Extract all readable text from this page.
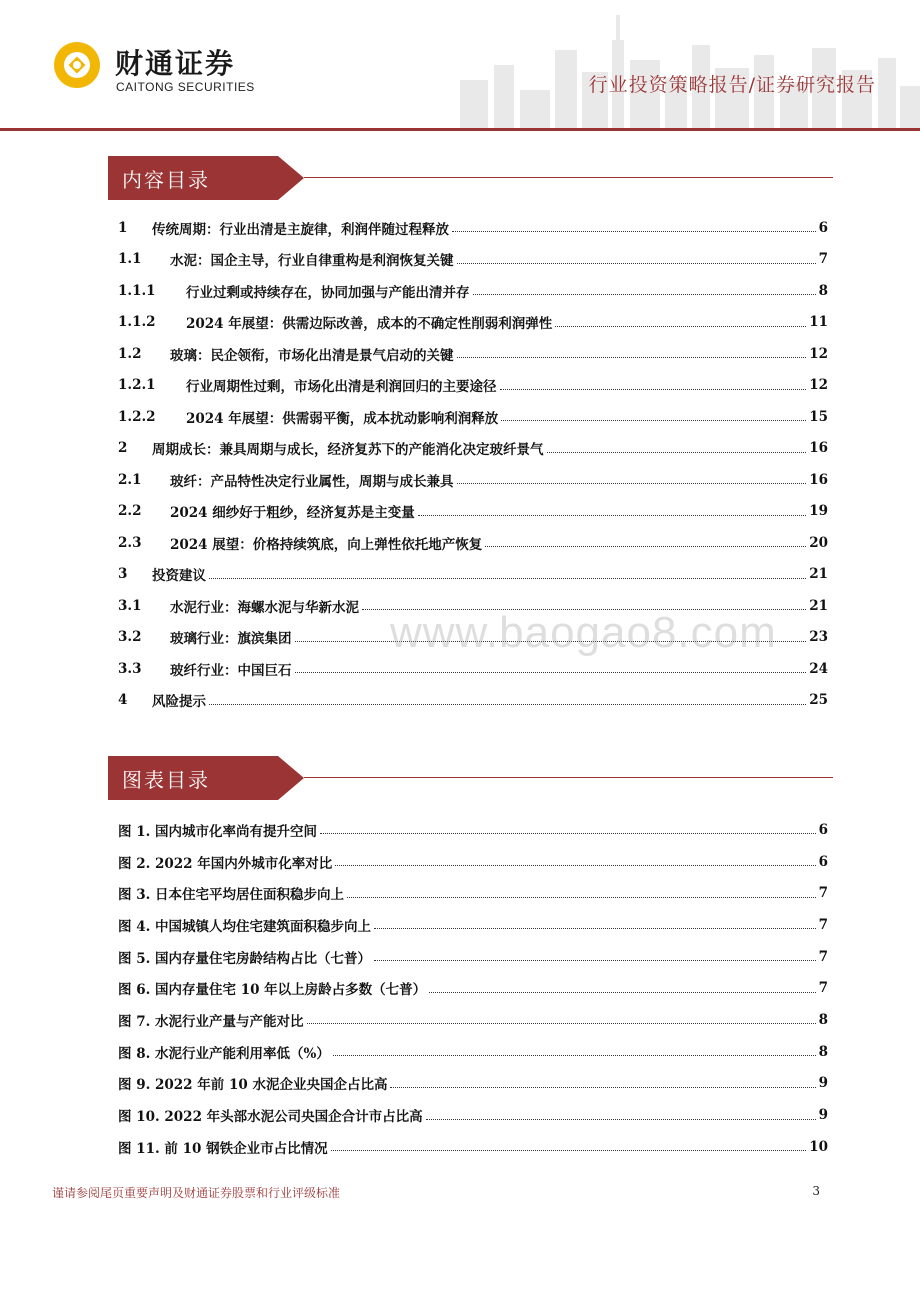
财通证券
CAITONG SECURITIES	行业投资策略报告/证券研究报告
内容目录
1	传统周期：行业出清是主旋律，利润伴随过程释放	6
1.1	水泥：国企主导，行业自律重构是利润恢复关键	7
1.1.1	行业过剩或持续存在，协同加强与产能出清并存	8
1.1.2	2024 年展望：供需边际改善，成本的不确定性削弱利润弹性	11
1.2	玻璃：民企领衔，市场化出清是景气启动的关键	12
1.2.1	行业周期性过剩，市场化出清是利润回归的主要途径	12
1.2.2	2024 年展望：供需弱平衡，成本扰动影响利润释放	15
2	周期成长：兼具周期与成长，经济复苏下的产能消化决定玻纤景气	16
2.1	玻纤：产品特性决定行业属性，周期与成长兼具	16
2.2	2024 细纱好于粗纱，经济复苏是主变量	19
2.3	2024 展望：价格持续筑底，向上弹性依托地产恢复	20
3	投资建议	21
3.1	水泥行业：海螺水泥与华新水泥	21
3.2	玻璃行业：旗滨集团	23
3.3	玻纤行业：中国巨石	24
4	风险提示	25
图表目录
图 1. 国内城市化率尚有提升空间	6
图 2. 2022 年国内外城市化率对比	6
图 3. 日本住宅平均居住面积稳步向上	7
图 4. 中国城镇人均住宅建筑面积稳步向上	7
图 5. 国内存量住宅房龄结构占比（七普）	7
图 6. 国内存量住宅 10 年以上房龄占多数（七普）	7
图 7. 水泥行业产量与产能对比	8
图 8. 水泥行业产能利用率低（%）	8
图 9. 2022 年前 10 水泥企业央国企占比高	9
图 10. 2022 年头部水泥公司央国企合计市占比高	9
图 11. 前 10 钢铁企业市占比情况	10
www.baogao8.com
谨请参阅尾页重要声明及财通证券股票和行业评级标准	3
